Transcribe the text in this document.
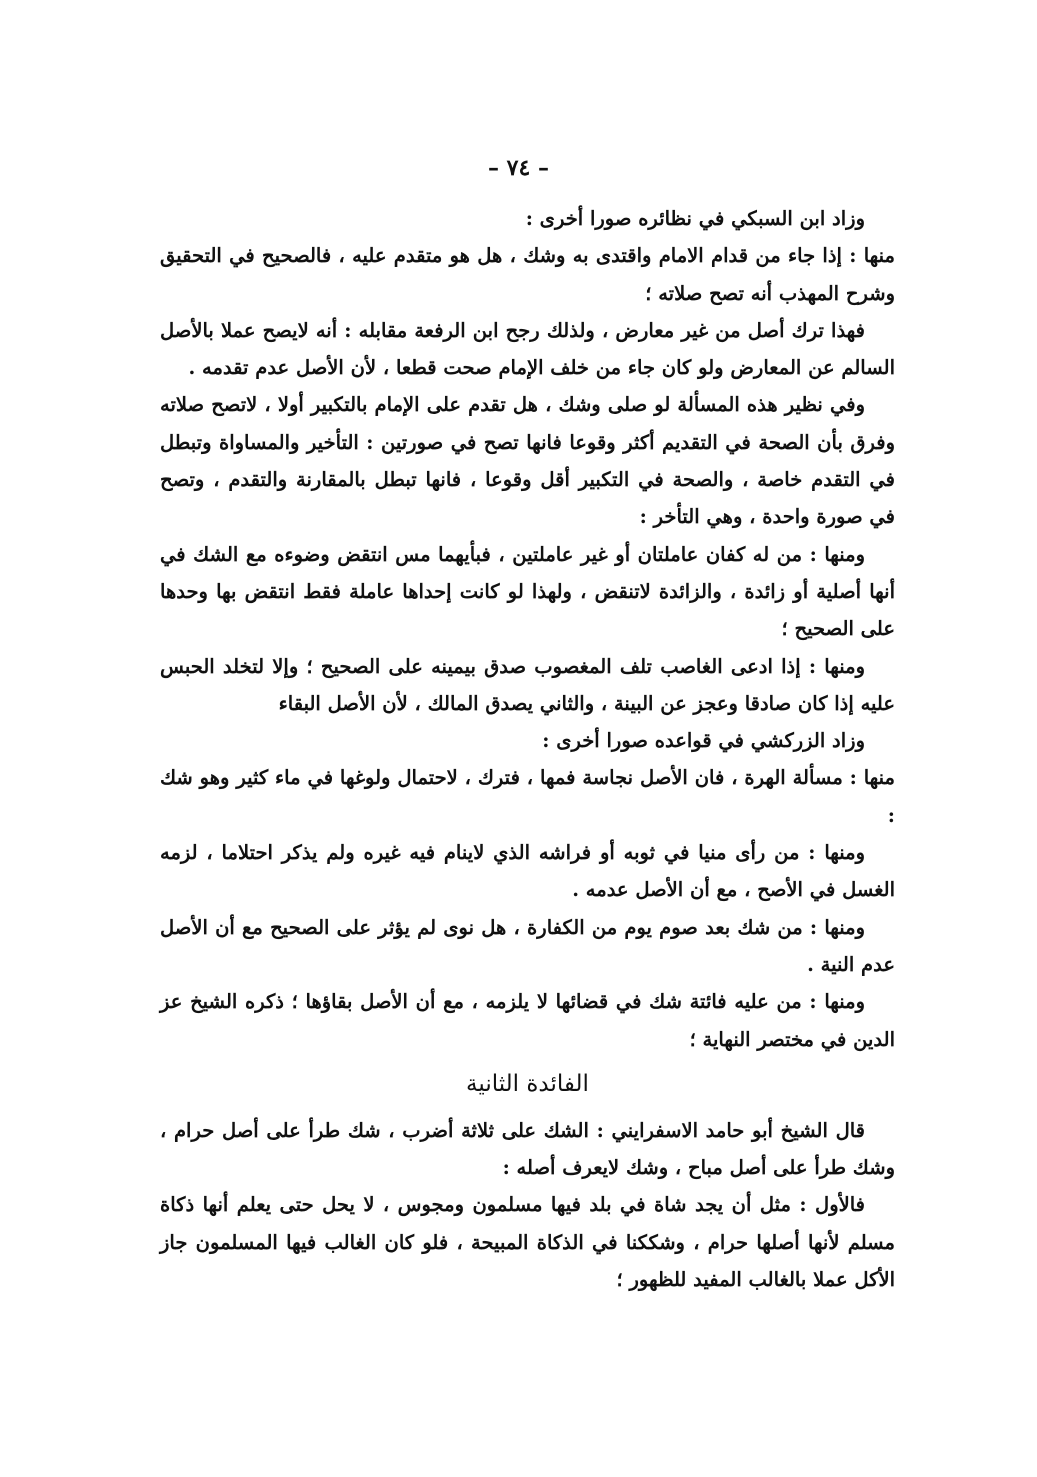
– ٧٤ –

وزاد ابن السبكي في نظائره صورا أخرى :

منها : إذا جاء من قدام الامام واقتدى به وشك ، هل هو متقدم عليه ، فالصحيح في التحقيق وشرح المهذب أنه تصح صلاته ؛

فهذا ترك أصل من غير معارض ، ولذلك رجح ابن الرفعة مقابله : أنه لايصح عملا بالأصل السالم عن المعارض ولو كان جاء من خلف الإمام صحت قطعا ، لأن الأصل عدم تقدمه .

وفي نظير هذه المسألة لو صلى وشك ، هل تقدم على الإمام بالتكبير أولا ، لاتصح صلاته وفرق بأن الصحة في التقديم أكثر وقوعا فانها تصح في صورتين : التأخير والمساواة وتبطل في التقدم خاصة ، والصحة في التكبير أقل وقوعا ، فانها تبطل بالمقارنة والتقدم ، وتصح في صورة واحدة ، وهي التأخر :

ومنها : من له كفان عاملتان أو غير عاملتين ، فبأيهما مس انتقض وضوءه مع الشك في أنها أصلية أو زائدة ، والزائدة لاتنقض ، ولهذا لو كانت إحداها عاملة فقط انتقض بها وحدها على الصحيح ؛

ومنها : إذا ادعى الغاصب تلف المغصوب صدق بيمينه على الصحيح ؛ وإلا لتخلد الحبس عليه إذا كان صادقا وعجز عن البينة ، والثاني يصدق المالك ، لأن الأصل البقاء

وزاد الزركشي في قواعده صورا أخرى :

منها : مسألة الهرة ، فان الأصل نجاسة فمها ، فترك ، لاحتمال ولوغها في ماء كثير وهو شك :

ومنها : من رأى منيا في ثوبه أو فراشه الذي لاينام فيه غيره ولم يذكر احتلاما ، لزمه الغسل في الأصح ، مع أن الأصل عدمه .

ومنها : من شك بعد صوم يوم من الكفارة ، هل نوى لم يؤثر على الصحيح مع أن الأصل عدم النية .

ومنها : من عليه فائتة شك في قضائها لا يلزمه ، مع أن الأصل بقاؤها ؛ ذكره الشيخ عز الدين في مختصر النهاية ؛

الفائدة الثانية

قال الشيخ أبو حامد الاسفرايني : الشك على ثلاثة أضرب ، شك طرأ على أصل حرام ، وشك طرأ على أصل مباح ، وشك لايعرف أصله :

فالأول : مثل أن يجد شاة في بلد فيها مسلمون ومجوس ، لا يحل حتى يعلم أنها ذكاة مسلم لأنها أصلها حرام ، وشككنا في الذكاة المبيحة ، فلو كان الغالب فيها المسلمون جاز الأكل عملا بالغالب المفيد للظهور ؛
